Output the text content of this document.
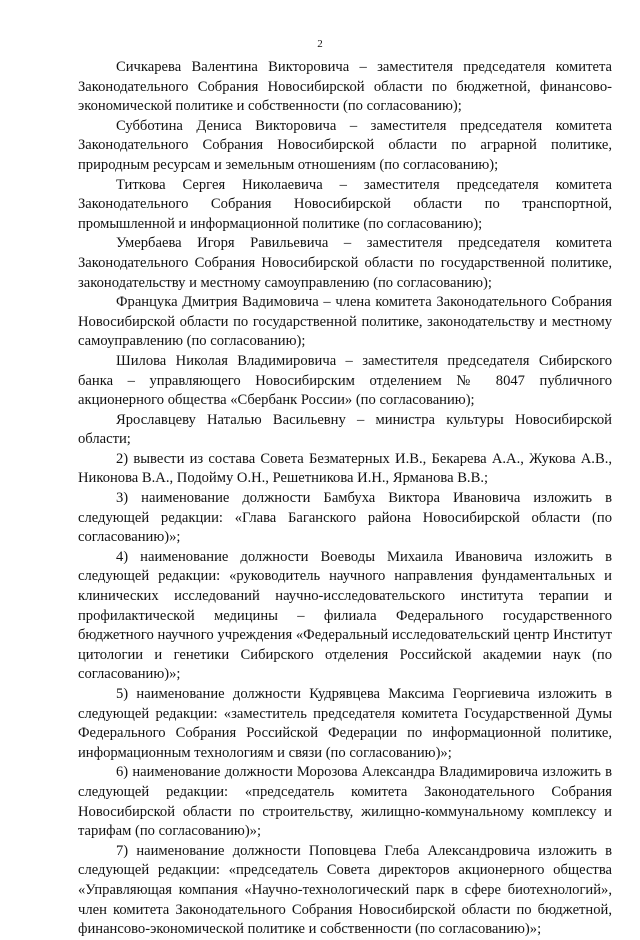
2

Сичкарева Валентина Викторовича – заместителя председателя комитета Законодательного Собрания Новосибирской области по бюджетной, финансово-экономической политике и собственности (по согласованию);

Субботина Дениса Викторовича – заместителя председателя комитета Законодательного Собрания Новосибирской области по аграрной политике, природным ресурсам и земельным отношениям (по согласованию);

Титкова Сергея Николаевича – заместителя председателя комитета Законодательного Собрания Новосибирской области по транспортной, промышленной и информационной политике (по согласованию);

Умербаева Игоря Равильевича – заместителя председателя комитета Законодательного Собрания Новосибирской области по государственной политике, законодательству и местному самоуправлению (по согласованию);

Францука Дмитрия Вадимовича – члена комитета Законодательного Собрания Новосибирской области по государственной политике, законодательству и местному самоуправлению (по согласованию);

Шилова Николая Владимировича – заместителя председателя Сибирского банка – управляющего Новосибирским отделением № 8047 публичного акционерного общества «Сбербанк России» (по согласованию);

Ярославцеву Наталью Васильевну – министра культуры Новосибирской области;

2) вывести из состава Совета Безматерных И.В., Бекарева А.А., Жукова А.В., Никонова В.А., Подойму О.Н., Решетникова И.Н., Ярманова В.В.;

3) наименование должности Бамбуха Виктора Ивановича изложить в следующей редакции: «Глава Баганского района Новосибирской области (по согласованию)»;

4) наименование должности Воеводы Михаила Ивановича изложить в следующей редакции: «руководитель научного направления фундаментальных и клинических исследований научно-исследовательского института терапии и профилактической медицины – филиала Федерального государственного бюджетного научного учреждения «Федеральный исследовательский центр Институт цитологии и генетики Сибирского отделения Российской академии наук (по согласованию)»;

5) наименование должности Кудрявцева Максима Георгиевича изложить в следующей редакции: «заместитель председателя комитета Государственной Думы Федерального Собрания Российской Федерации по информационной политике, информационным технологиям и связи (по согласованию)»;

6) наименование должности Морозова Александра Владимировича изложить в следующей редакции: «председатель комитета Законодательного Собрания Новосибирской области по строительству, жилищно-коммунальному комплексу и тарифам (по согласованию)»;

7) наименование должности Поповцева Глеба Александровича изложить в следующей редакции: «председатель Совета директоров акционерного общества «Управляющая компания «Научно-технологический парк в сфере биотехнологий», член комитета Законодательного Собрания Новосибирской области по бюджетной, финансово-экономической политике и собственности (по согласованию)»;
